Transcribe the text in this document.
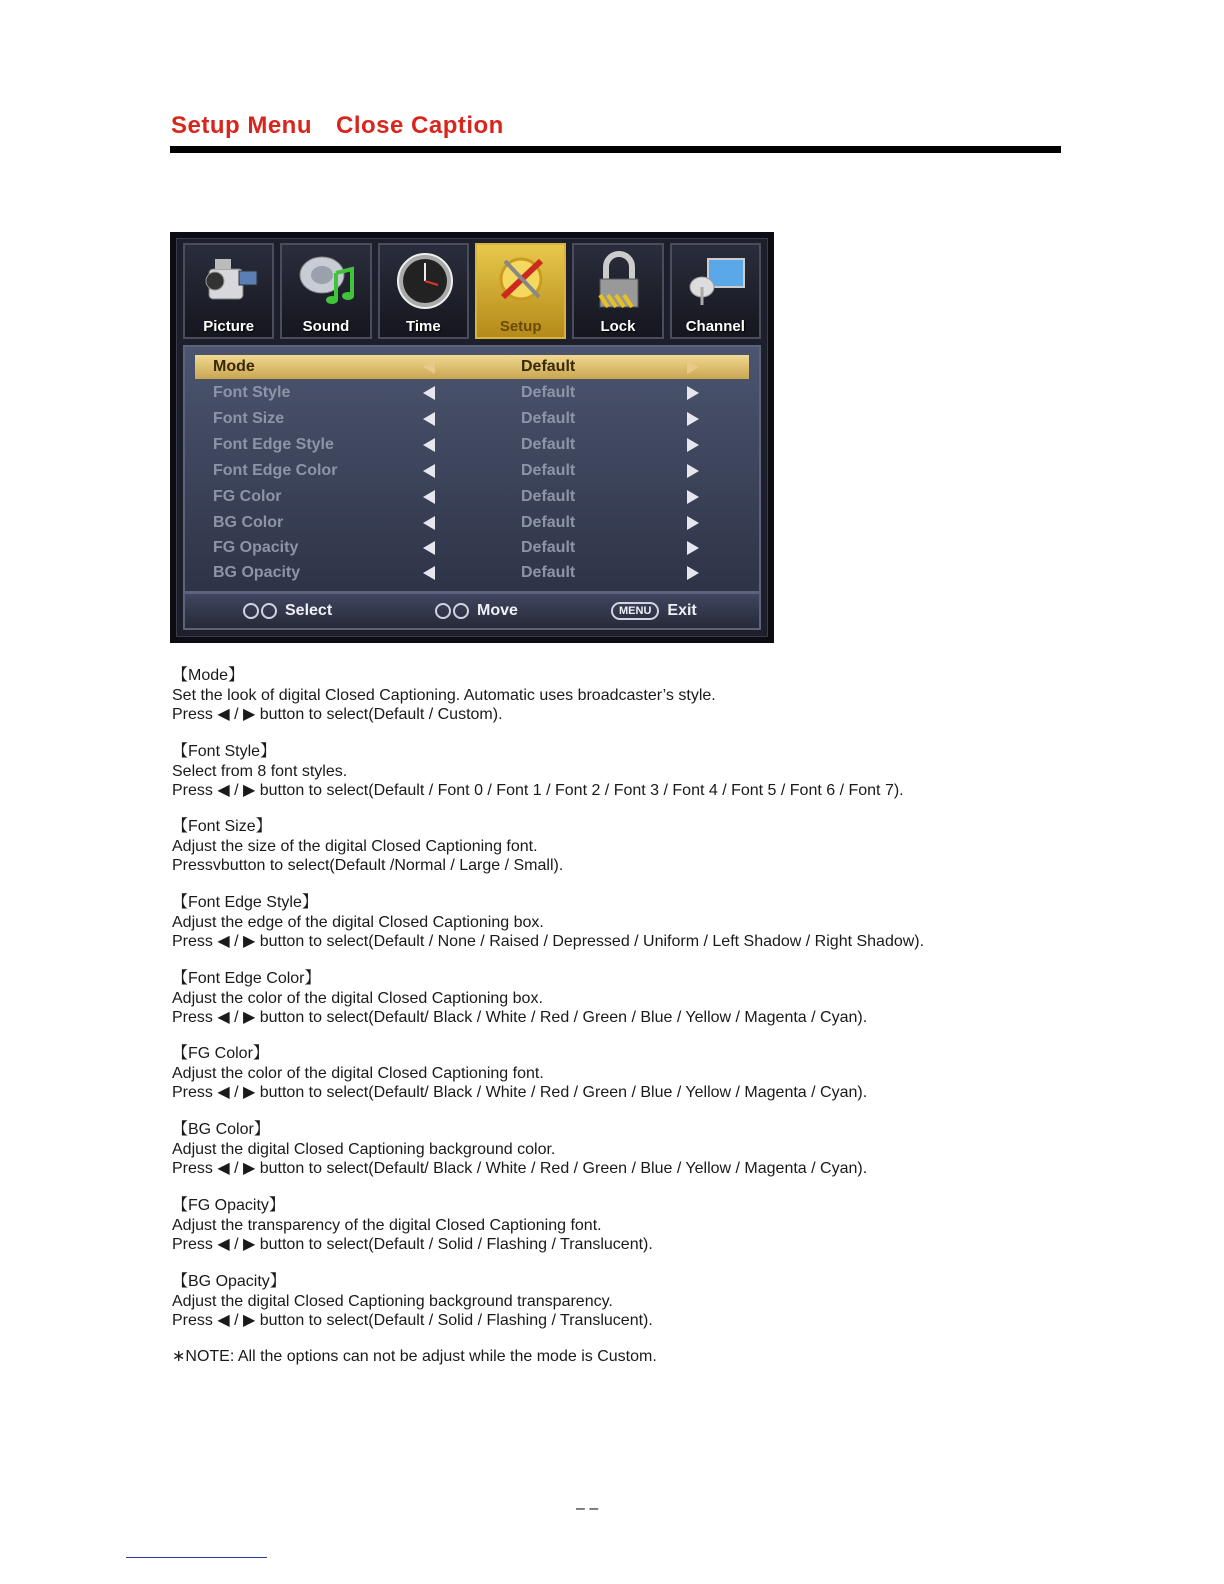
Setup Menu Close Caption
Picture	Sound	Time	Setup	Lock	Channel
Mode	Default
Font Style	Default
Font Size	Default
Font Edge Style	Default
Font Edge Color	Default
FG Color	Default
BG Color	Default
FG Opacity	Default
BG Opacity	Default
Select	Move	MENU	Exit
【Mode】
Set the look of digital Closed Captioning. Automatic uses broadcaster’s style.
Press ◀ / ▶ button to select(Default / Custom).
【Font Style】
Select from 8 font styles.
Press ◀ / ▶ button to select(Default / Font 0 / Font 1 / Font 2 / Font 3 / Font 4 / Font 5 / Font 6 / Font 7).
【Font Size】
Adjust the size of the digital Closed Captioning font.
Pressvbutton to select(Default /Normal / Large / Small).
【Font Edge Style】
Adjust the edge of the digital Closed Captioning box.
Press ◀ / ▶ button to select(Default / None / Raised / Depressed / Uniform / Left Shadow / Right Shadow).
【Font Edge Color】
Adjust the color of the digital Closed Captioning box.
Press ◀ / ▶ button to select(Default/ Black / White / Red / Green / Blue / Yellow / Magenta / Cyan).
【FG Color】
Adjust the color of the digital Closed Captioning font.
Press ◀ / ▶ button to select(Default/ Black / White / Red / Green / Blue / Yellow / Magenta / Cyan).
【BG Color】
Adjust the digital Closed Captioning background color.
Press ◀ / ▶ button to select(Default/ Black / White / Red / Green / Blue / Yellow / Magenta / Cyan).
【FG Opacity】
Adjust the transparency of the digital Closed Captioning font.
Press ◀ / ▶ button to select(Default / Solid / Flashing / Translucent).
【BG Opacity】
Adjust the digital Closed Captioning background transparency.
Press ◀ / ▶ button to select(Default / Solid / Flashing / Translucent).
∗NOTE: All the options can not be adjust while the mode is Custom.
– –
